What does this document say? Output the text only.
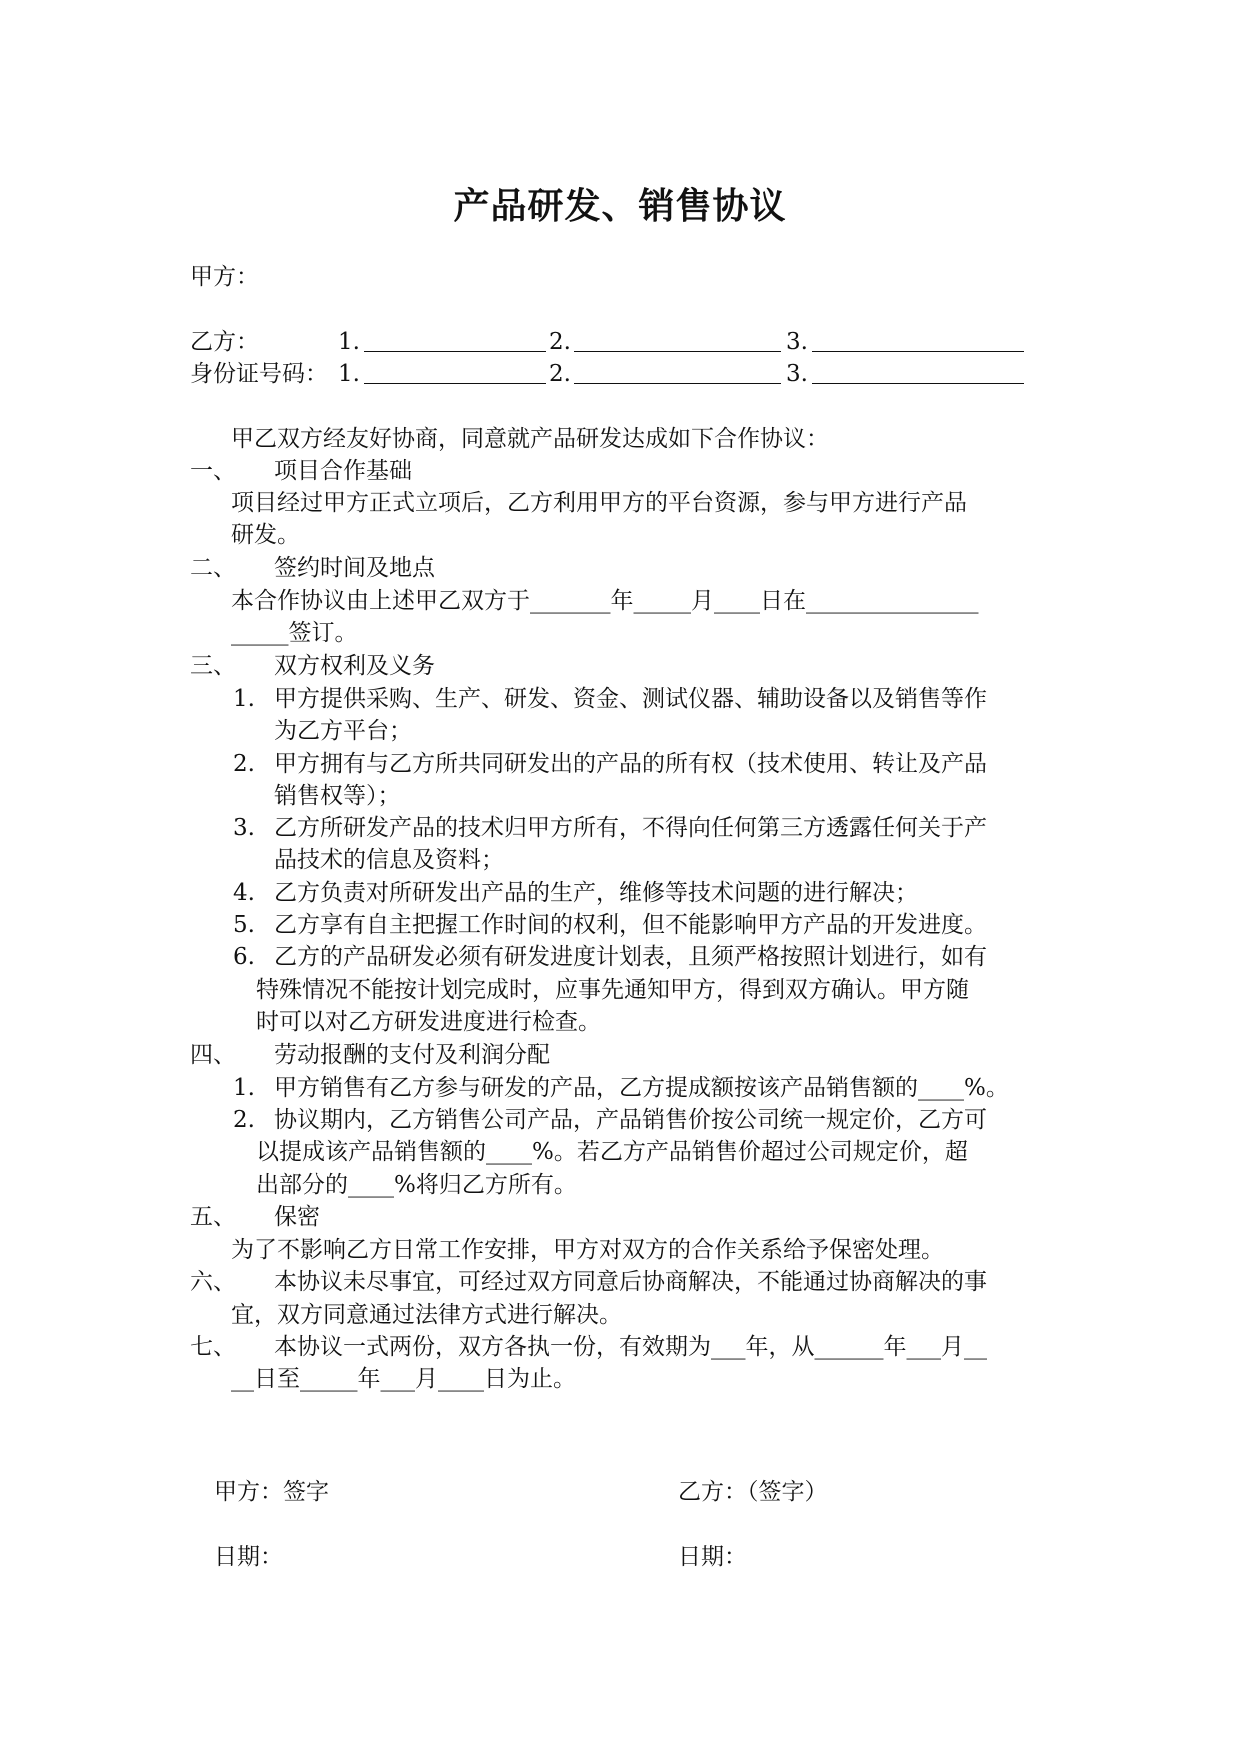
产品研发、销售协议
甲方：
乙方：	1.	2.	3.
身份证号码： 1.	2.	3.
甲乙双方经友好协商，同意就产品研发达成如下合作协议：
一、 项目合作基础
项目经过甲方正式立项后，乙方利用甲方的平台资源，参与甲方进行产品
研发。
二、 签约时间及地点
本合作协议由上述甲乙双方于_______年_____月____日在_______________
_____签订。
三、 双方权利及义务
1. 甲方提供采购、生产、研发、资金、测试仪器、辅助设备以及销售等作
为乙方平台；
2. 甲方拥有与乙方所共同研发出的产品的所有权（技术使用、转让及产品
销售权等）；
3. 乙方所研发产品的技术归甲方所有，不得向任何第三方透露任何关于产
品技术的信息及资料；
4. 乙方负责对所研发出产品的生产，维修等技术问题的进行解决；
5. 乙方享有自主把握工作时间的权利，但不能影响甲方产品的开发进度。
6. 乙方的产品研发必须有研发进度计划表，且须严格按照计划进行，如有
特殊情况不能按计划完成时，应事先通知甲方，得到双方确认。甲方随
时可以对乙方研发进度进行检查。
四、 劳动报酬的支付及利润分配
1. 甲方销售有乙方参与研发的产品，乙方提成额按该产品销售额的____%。
2. 协议期内，乙方销售公司产品，产品销售价按公司统一规定价，乙方可
以提成该产品销售额的____%。若乙方产品销售价超过公司规定价，超
出部分的____%将归乙方所有。
五、 保密
为了不影响乙方日常工作安排，甲方对双方的合作关系给予保密处理。
六、 本协议未尽事宜，可经过双方同意后协商解决，不能通过协商解决的事
宜，双方同意通过法律方式进行解决。
七、 本协议一式两份，双方各执一份，有效期为___年，从______年___月__
__日至_____年___月____日为止。
甲方：签字	乙方：（签字）
日期：	日期：
